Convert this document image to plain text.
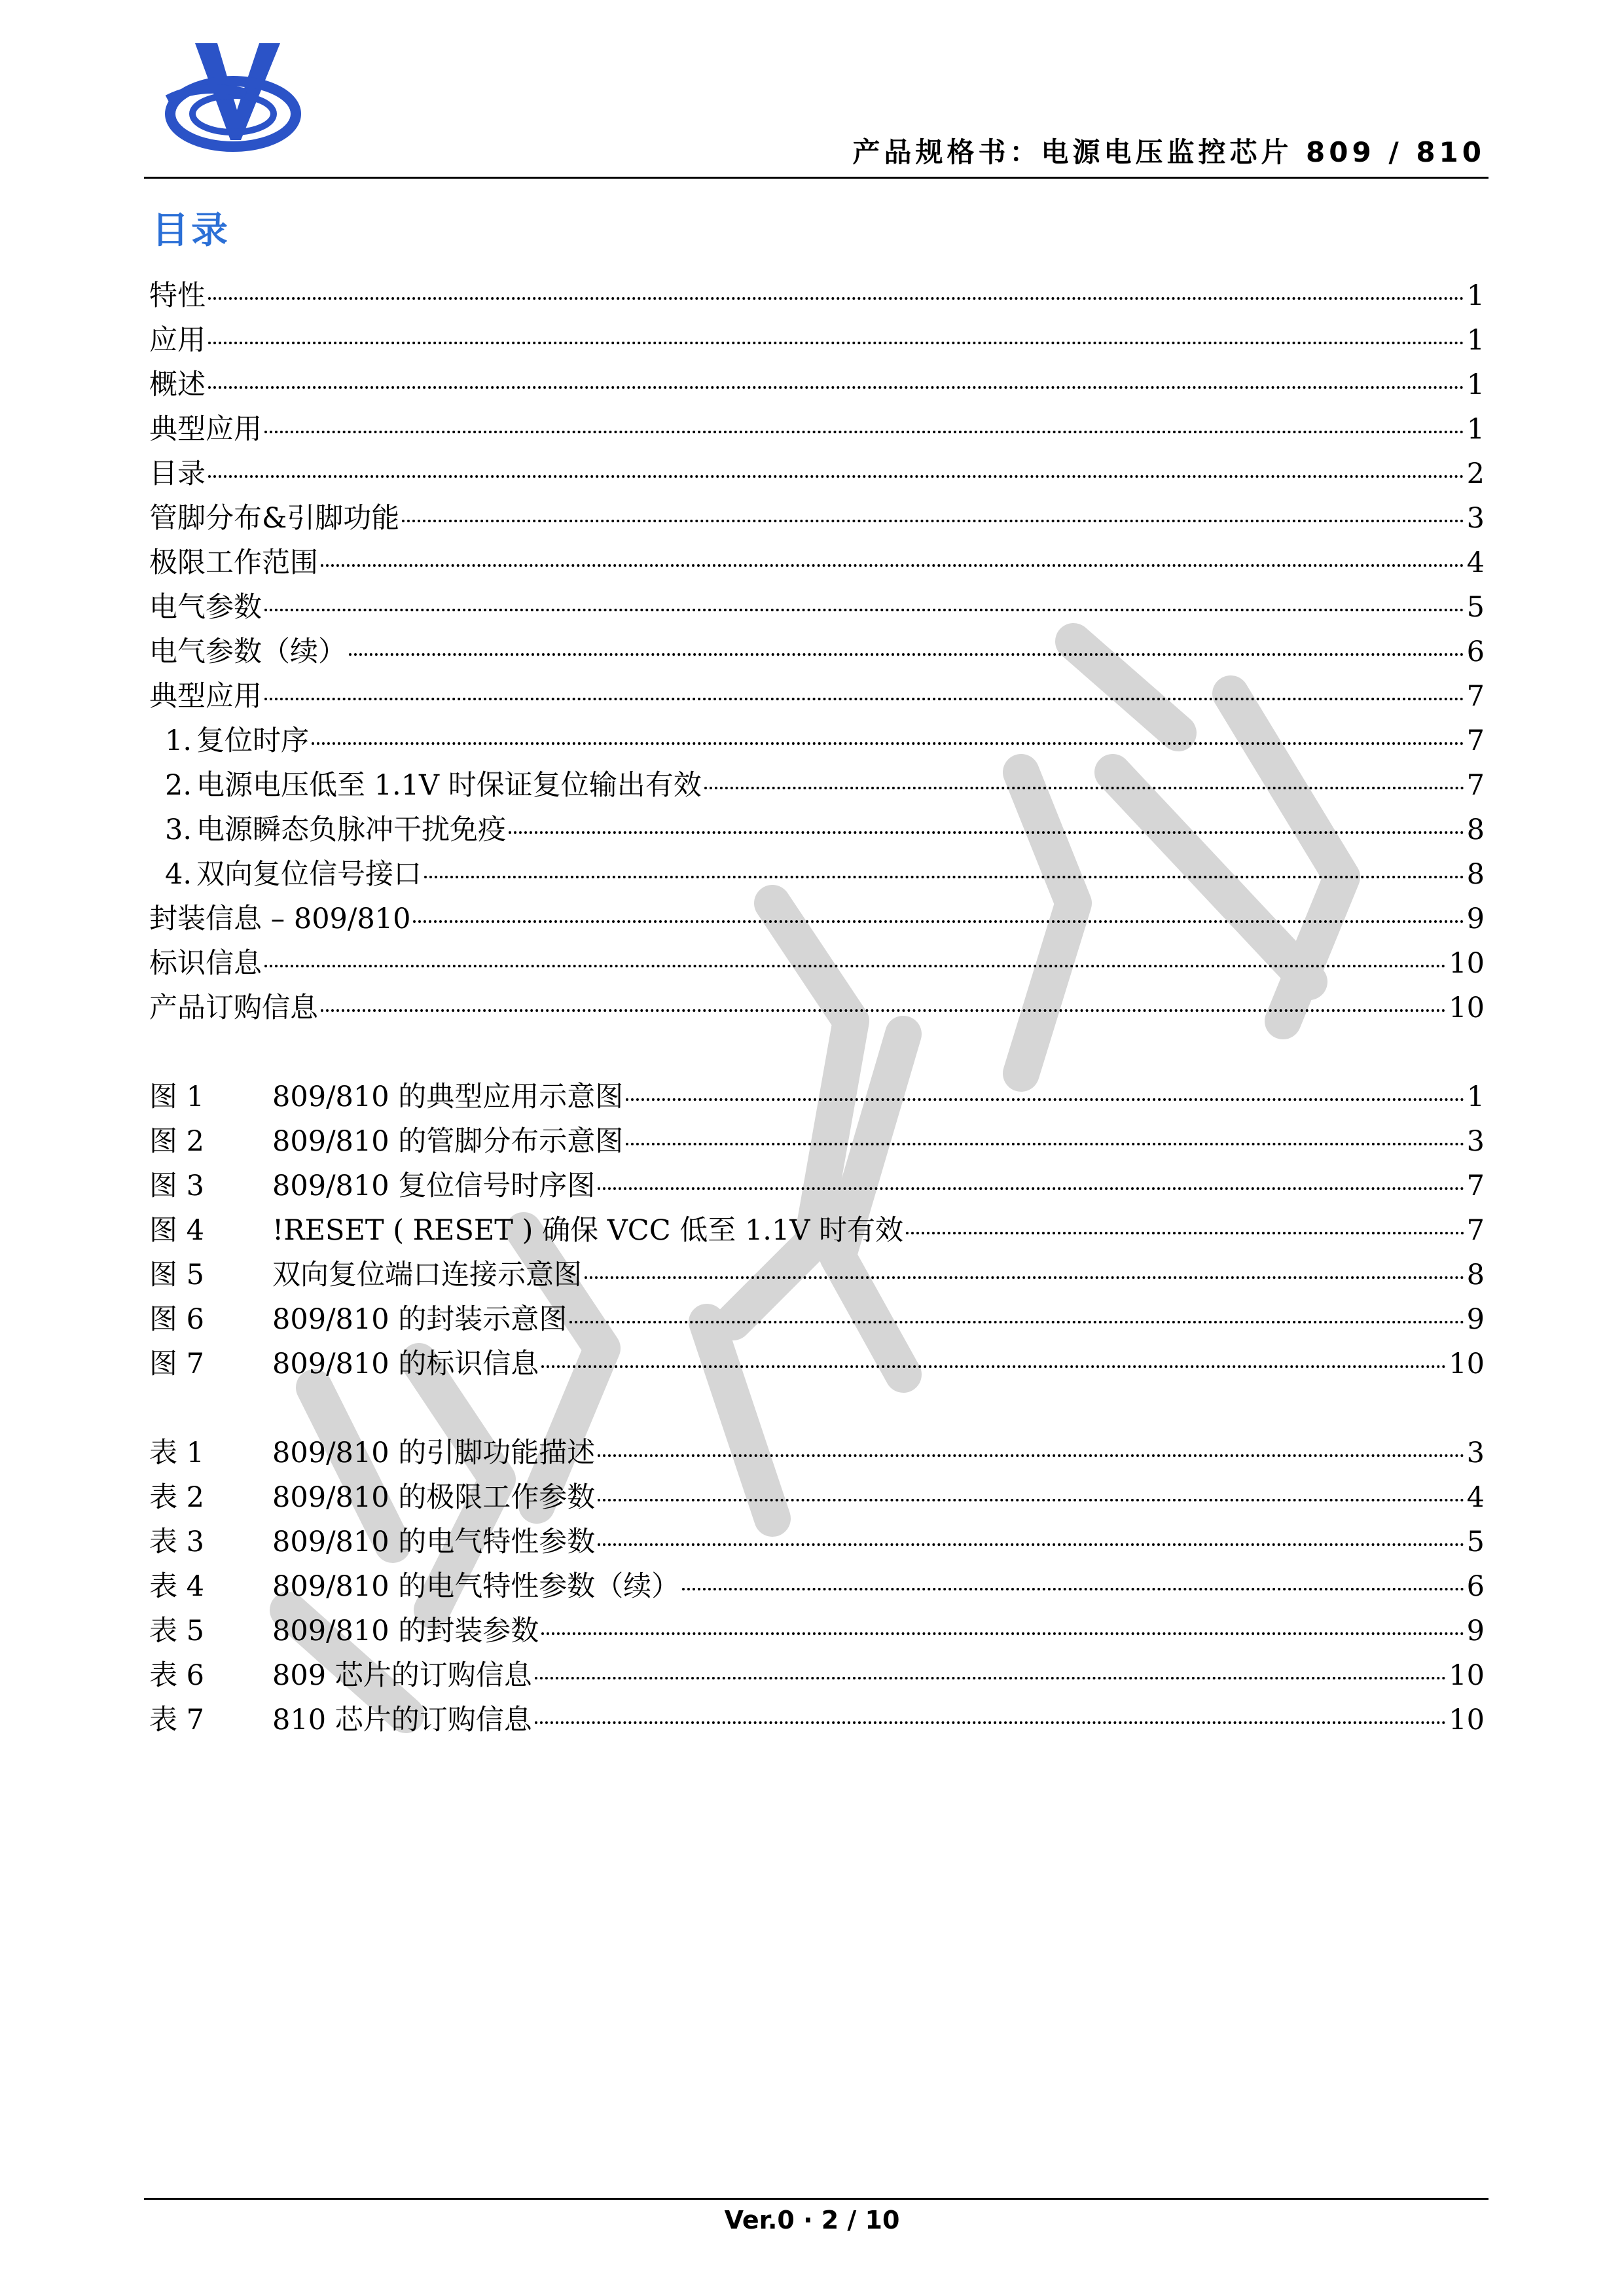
产品规格书：电源电压监控芯片 809 / 810
目录
特性	1
应用	1
概述	1
典型应用	1
目录	2
管脚分布&引脚功能	3
极限工作范围	4
电气参数	5
电气参数（续）	6
典型应用	7
1. 复位时序	7
2. 电源电压低至 1.1V 时保证复位输出有效	7
3. 电源瞬态负脉冲干扰免疫	8
4. 双向复位信号接口	8
封装信息 – 809/810	9
标识信息	10
产品订购信息	10
图 1 809/810 的典型应用示意图	1
图 2 809/810 的管脚分布示意图	3
图 3 809/810 复位信号时序图	7
图 4 !RESET ( RESET ) 确保 VCC 低至 1.1V 时有效	7
图 5 双向复位端口连接示意图	8
图 6 809/810 的封装示意图	9
图 7 809/810 的标识信息	10
表 1 809/810 的引脚功能描述	3
表 2 809/810 的极限工作参数	4
表 3 809/810 的电气特性参数	5
表 4 809/810 的电气特性参数（续）	6
表 5 809/810 的封装参数	9
表 6 809 芯片的订购信息	10
表 7 810 芯片的订购信息	10
Ver.0 · 2 / 10
